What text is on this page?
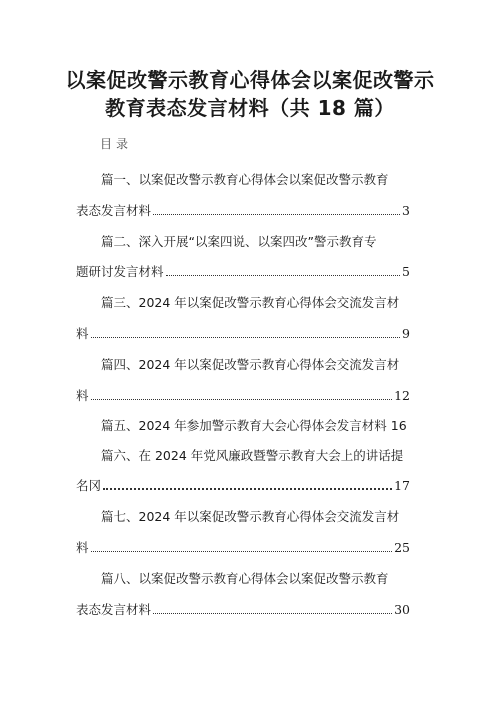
以案促改警示教育心得体会以案促改警示
教育表态发言材料（共 18 篇）
目录
篇一、以案促改警示教育心得体会以案促改警示教育
表态发言材料	3
篇二、深入开展“以案四说、以案四改”警示教育专
题研讨发言材料	5
篇三、2024 年以案促改警示教育心得体会交流发言材
料	9
篇四、2024 年以案促改警示教育心得体会交流发言材
料	12
篇五、2024 年参加警示教育大会心得体会发言材料 16
篇六、在 2024 年党风廉政暨警示教育大会上的讲话提
名冈	17
篇七、2024 年以案促改警示教育心得体会交流发言材
料	25
篇八、以案促改警示教育心得体会以案促改警示教育
表态发言材料	30
